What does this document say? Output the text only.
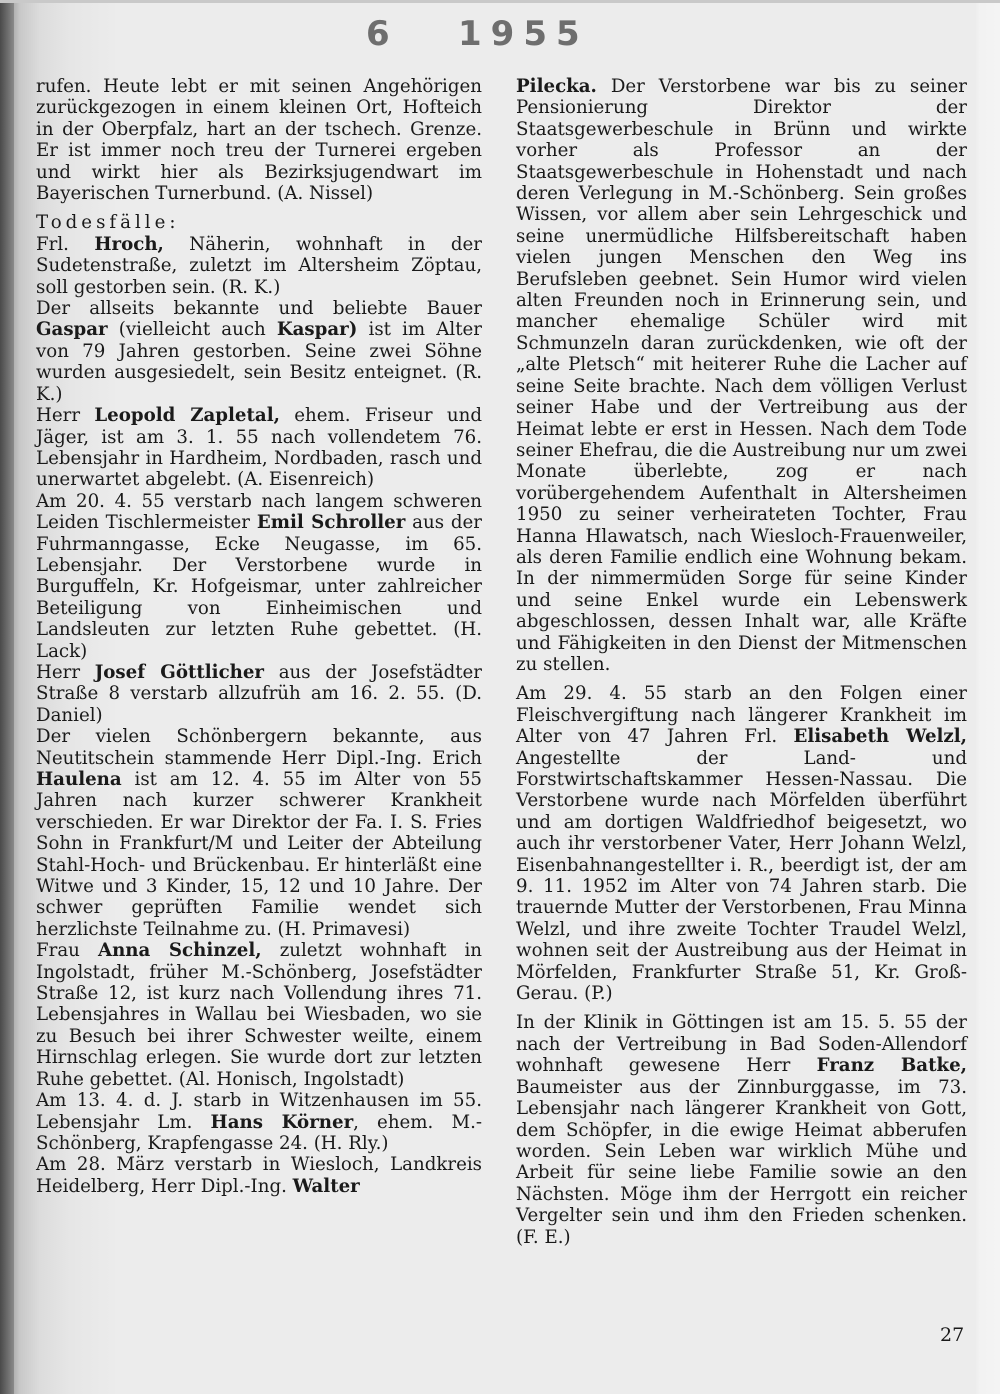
6 1955

rufen. Heute lebt er mit seinen Angehörigen zurückgezogen in einem kleinen Ort, Hofteich in der Oberpfalz, hart an der tschech. Grenze. Er ist immer noch treu der Turnerei ergeben und wirkt hier als Bezirksjugendwart im Bayerischen Turnerbund. (A. Nissel)

Todesfälle:

Frl. Hroch, Näherin, wohnhaft in der Sudetenstraße, zuletzt im Altersheim Zöptau, soll gestorben sein. (R. K.)

Der allseits bekannte und beliebte Bauer Gaspar (vielleicht auch Kaspar) ist im Alter von 79 Jahren gestorben. Seine zwei Söhne wurden ausgesiedelt, sein Besitz enteignet. (R. K.)

Herr Leopold Zapletal, ehem. Friseur und Jäger, ist am 3. 1. 55 nach vollendetem 76. Lebensjahr in Hardheim, Nordbaden, rasch und unerwartet abgelebt. (A. Eisenreich)

Am 20. 4. 55 verstarb nach langem schweren Leiden Tischlermeister Emil Schroller aus der Fuhrmanngasse, Ecke Neugasse, im 65. Lebensjahr. Der Verstorbene wurde in Burguffeln, Kr. Hofgeismar, unter zahlreicher Beteiligung von Einheimischen und Landsleuten zur letzten Ruhe gebettet. (H. Lack)

Herr Josef Göttlicher aus der Josefstädter Straße 8 verstarb allzufrüh am 16. 2. 55. (D. Daniel)

Der vielen Schönbergern bekannte, aus Neutitschein stammende Herr Dipl.-Ing. Erich Haulena ist am 12. 4. 55 im Alter von 55 Jahren nach kurzer schwerer Krankheit verschieden. Er war Direktor der Fa. I. S. Fries Sohn in Frankfurt/M und Leiter der Abteilung Stahl-Hoch- und Brückenbau. Er hinterläßt eine Witwe und 3 Kinder, 15, 12 und 10 Jahre. Der schwer geprüften Familie wendet sich herzlichste Teilnahme zu. (H. Primavesi)

Frau Anna Schinzel, zuletzt wohnhaft in Ingolstadt, früher M.-Schönberg, Josefstädter Straße 12, ist kurz nach Vollendung ihres 71. Lebensjahres in Wallau bei Wiesbaden, wo sie zu Besuch bei ihrer Schwester weilte, einem Hirnschlag erlegen. Sie wurde dort zur letzten Ruhe gebettet. (Al. Honisch, Ingolstadt)

Am 13. 4. d. J. starb in Witzenhausen im 55. Lebensjahr Lm. Hans Körner, ehem. M.-Schönberg, Krapfengasse 24. (H. Rly.)

Am 28. März verstarb in Wiesloch, Landkreis Heidelberg, Herr Dipl.-Ing. Walter

Pilecka. Der Verstorbene war bis zu seiner Pensionierung Direktor der Staatsgewerbeschule in Brünn und wirkte vorher als Professor an der Staatsgewerbeschule in Hohenstadt und nach deren Verlegung in M.-Schönberg. Sein großes Wissen, vor allem aber sein Lehrgeschick und seine unermüdliche Hilfsbereitschaft haben vielen jungen Menschen den Weg ins Berufsleben geebnet. Sein Humor wird vielen alten Freunden noch in Erinnerung sein, und mancher ehemalige Schüler wird mit Schmunzeln daran zurückdenken, wie oft der „alte Pletsch“ mit heiterer Ruhe die Lacher auf seine Seite brachte. Nach dem völligen Verlust seiner Habe und der Vertreibung aus der Heimat lebte er erst in Hessen. Nach dem Tode seiner Ehefrau, die die Austreibung nur um zwei Monate überlebte, zog er nach vorübergehendem Aufenthalt in Altersheimen 1950 zu seiner verheirateten Tochter, Frau Hanna Hlawatsch, nach Wiesloch-Frauenweiler, als deren Familie endlich eine Wohnung bekam. In der nimmermüden Sorge für seine Kinder und seine Enkel wurde ein Lebenswerk abgeschlossen, dessen Inhalt war, alle Kräfte und Fähigkeiten in den Dienst der Mitmenschen zu stellen.

Am 29. 4. 55 starb an den Folgen einer Fleischvergiftung nach längerer Krankheit im Alter von 47 Jahren Frl. Elisabeth Welzl, Angestellte der Land- und Forstwirtschaftskammer Hessen-Nassau. Die Verstorbene wurde nach Mörfelden überführt und am dortigen Waldfriedhof beigesetzt, wo auch ihr verstorbener Vater, Herr Johann Welzl, Eisenbahnangestellter i. R., beerdigt ist, der am 9. 11. 1952 im Alter von 74 Jahren starb. Die trauernde Mutter der Verstorbenen, Frau Minna Welzl, und ihre zweite Tochter Traudel Welzl, wohnen seit der Austreibung aus der Heimat in Mörfelden, Frankfurter Straße 51, Kr. Groß-Gerau. (P.)

In der Klinik in Göttingen ist am 15. 5. 55 der nach der Vertreibung in Bad Soden-Allendorf wohnhaft gewesene Herr Franz Batke, Baumeister aus der Zinnburggasse, im 73. Lebensjahr nach längerer Krankheit von Gott, dem Schöpfer, in die ewige Heimat abberufen worden. Sein Leben war wirklich Mühe und Arbeit für seine liebe Familie sowie an den Nächsten. Möge ihm der Herrgott ein reicher Vergelter sein und ihm den Frieden schenken. (F. E.)

27
